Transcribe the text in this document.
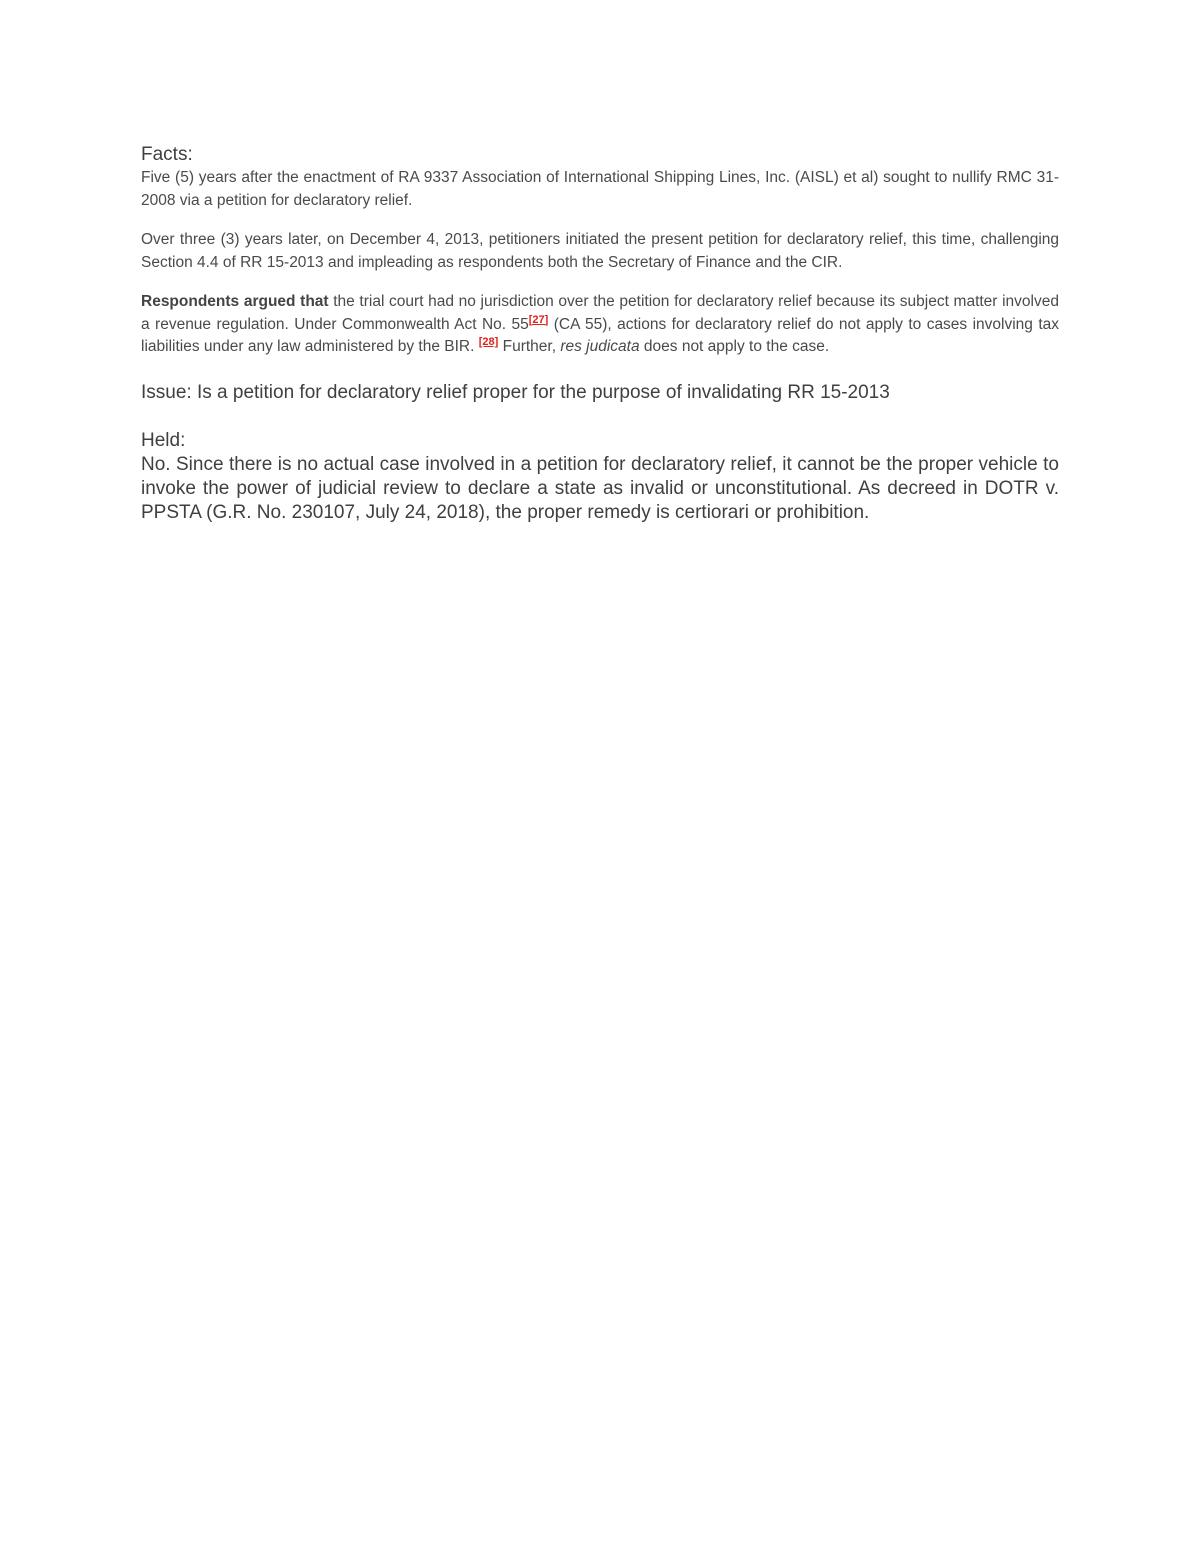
Facts:

Five (5) years after the enactment of RA 9337 Association of International Shipping Lines, Inc. (AISL) et al) sought to nullify RMC 31-2008 via a petition for declaratory relief.

Over three (3) years later, on December 4, 2013, petitioners initiated the present petition for declaratory relief, this time, challenging Section 4.4 of RR 15-2013 and impleading as respondents both the Secretary of Finance and the CIR.

Respondents argued that the trial court had no jurisdiction over the petition for declaratory relief because its subject matter involved a revenue regulation. Under Commonwealth Act No. 55[27] (CA 55), actions for declaratory relief do not apply to cases involving tax liabilities under any law administered by the BIR. [28] Further, res judicata does not apply to the case.

Issue: Is a petition for declaratory relief proper for the purpose of invalidating RR 15-2013

Held:

No. Since there is no actual case involved in a petition for declaratory relief, it cannot be the proper vehicle to invoke the power of judicial review to declare a state as invalid or unconstitutional. As decreed in DOTR v. PPSTA (G.R. No. 230107, July 24, 2018), the proper remedy is certiorari or prohibition.
